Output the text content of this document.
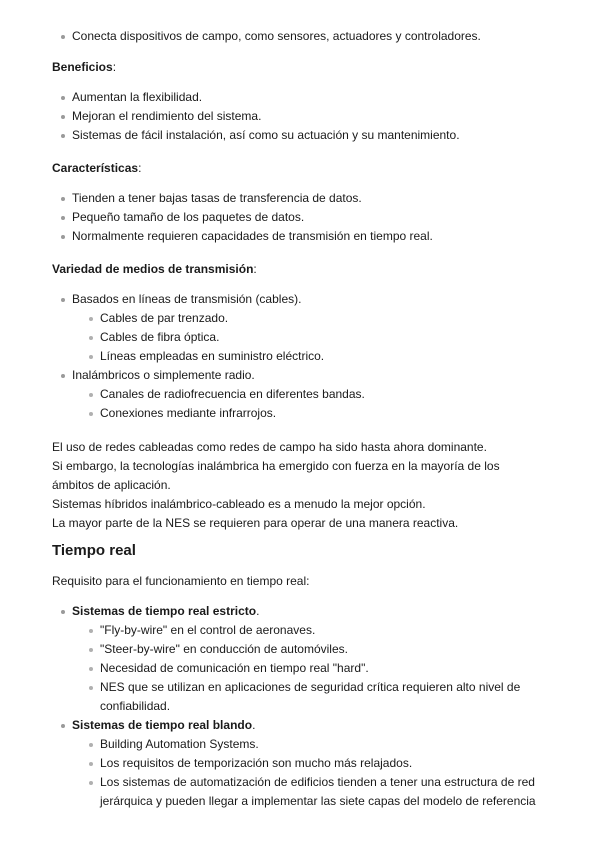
Conecta dispositivos de campo, como sensores, actuadores y controladores.
Beneficios:
Aumentan la flexibilidad.
Mejoran el rendimiento del sistema.
Sistemas de fácil instalación, así como su actuación y su mantenimiento.
Características:
Tienden a tener bajas tasas de transferencia de datos.
Pequeño tamaño de los paquetes de datos.
Normalmente requieren capacidades de transmisión en tiempo real.
Variedad de medios de transmisión:
Basados en líneas de transmisión (cables).
Cables de par trenzado.
Cables de fibra óptica.
Líneas empleadas en suministro eléctrico.
Inalámbricos o simplemente radio.
Canales de radiofrecuencia en diferentes bandas.
Conexiones mediante infrarrojos.
El uso de redes cableadas como redes de campo ha sido hasta ahora dominante.
Si embargo, la tecnologías inalámbrica ha emergido con fuerza en la mayoría de los
ámbitos de aplicación.
Sistemas híbridos inalámbrico-cableado es a menudo la mejor opción.
La mayor parte de la NES se requieren para operar de una manera reactiva.
Tiempo real
Requisito para el funcionamiento en tiempo real:
Sistemas de tiempo real estricto.
"Fly-by-wire" en el control de aeronaves.
"Steer-by-wire" en conducción de automóviles.
Necesidad de comunicación en tiempo real "hard".
NES que se utilizan en aplicaciones de seguridad crítica requieren alto nivel de
confiabilidad.
Sistemas de tiempo real blando.
Building Automation Systems.
Los requisitos de temporización son mucho más relajados.
Los sistemas de automatización de edificios tienden a tener una estructura de red
jerárquica y pueden llegar a implementar las siete capas del modelo de referencia
